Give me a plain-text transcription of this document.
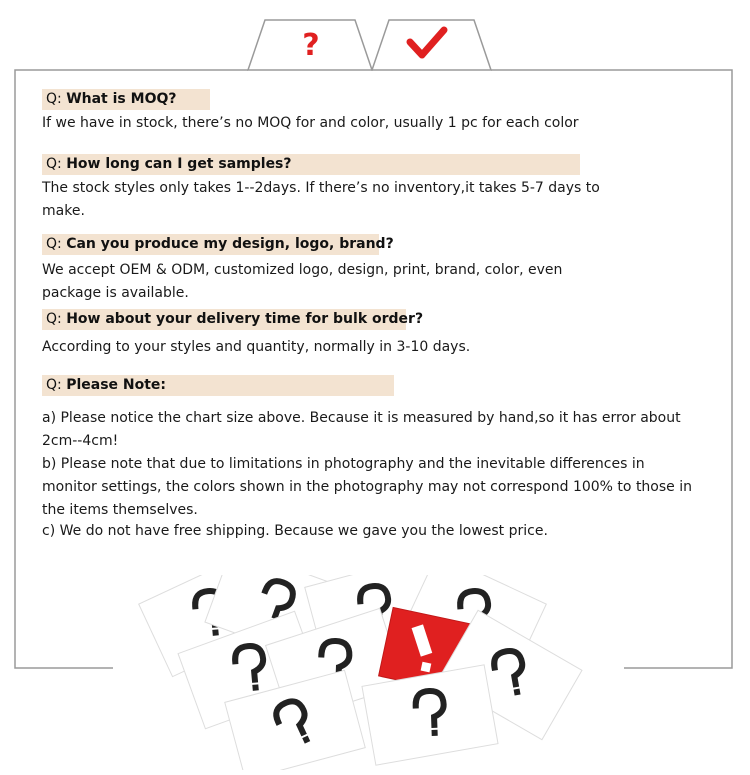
?
Q: What is MOQ?
If we have in stock, there’s no MOQ for and color, usually 1 pc for each color
Q: How long can I get samples?
The stock styles only takes 1--2days. If there’s no inventory,it takes 5-7 days to make.
Q: Can you produce my design, logo, brand?
We accept OEM & ODM, customized logo, design, print, brand, color, even package is available.
Q: How about your delivery time for bulk order?
According to your styles and quantity, normally in 3-10 days.
Q: Please Note:
a) Please notice the chart size above. Because it is measured by hand,so it has error about 2cm--4cm!
b) Please note that due to limitations in photography and the inevitable differences in monitor settings, the colors shown in the photography may not correspond 100% to those in the items themselves.
c) We do not have free shipping. Because we gave you the lowest price.
